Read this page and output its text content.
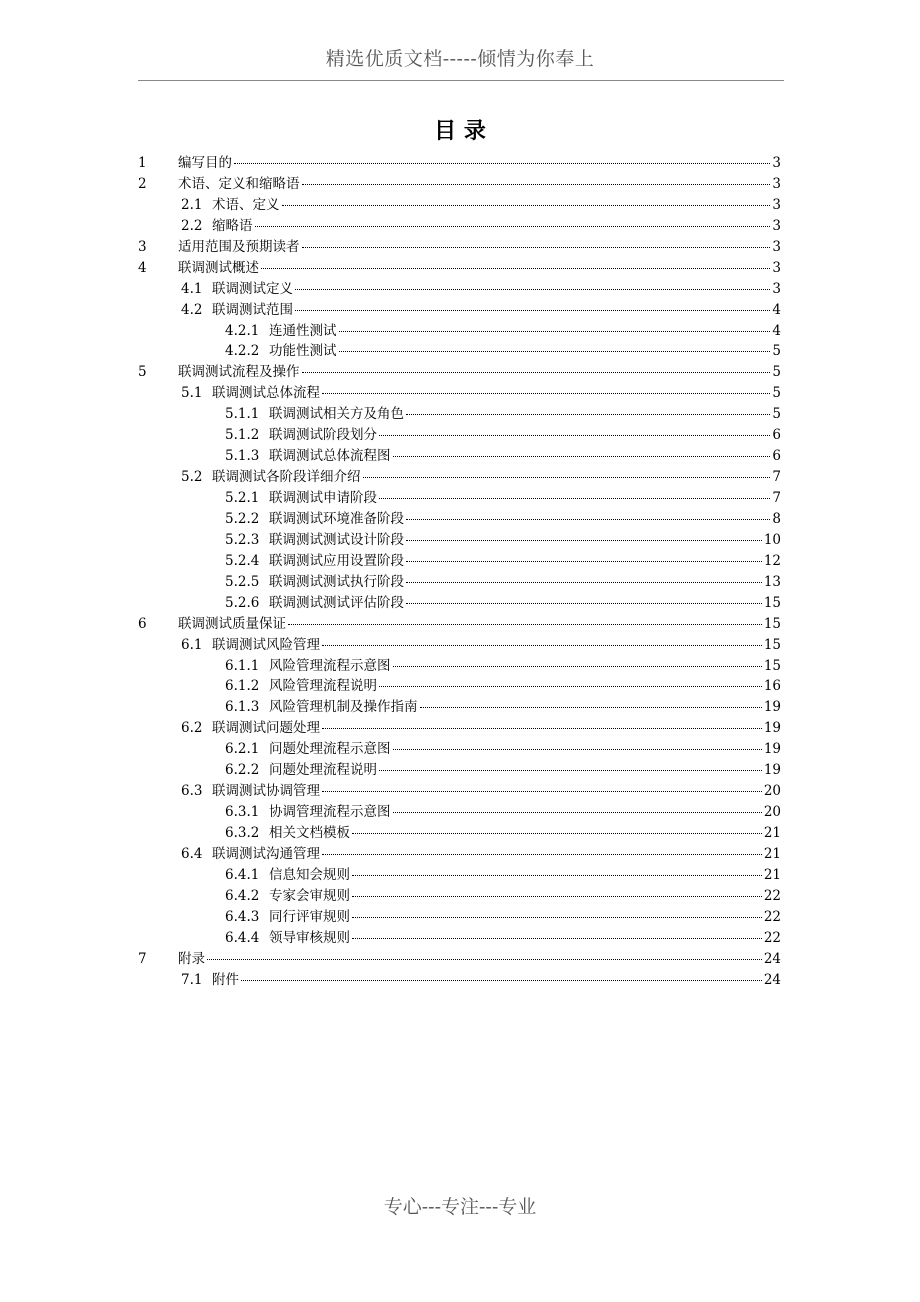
精选优质文档-----倾情为你奉上
目 录
1	编写目的	3
2	术语、定义和缩略语	3
2.1 术语、定义	3
2.2 缩略语	3
3	适用范围及预期读者	3
4	联调测试概述	3
4.1 联调测试定义	3
4.2 联调测试范围	4
4.2.1 连通性测试	4
4.2.2 功能性测试	5
5	联调测试流程及操作	5
5.1 联调测试总体流程	5
5.1.1 联调测试相关方及角色	5
5.1.2 联调测试阶段划分	6
5.1.3 联调测试总体流程图	6
5.2 联调测试各阶段详细介绍	7
5.2.1 联调测试申请阶段	7
5.2.2 联调测试环境准备阶段	8
5.2.3 联调测试测试设计阶段	10
5.2.4 联调测试应用设置阶段	12
5.2.5 联调测试测试执行阶段	13
5.2.6 联调测试测试评估阶段	15
6	联调测试质量保证	15
6.1 联调测试风险管理	15
6.1.1 风险管理流程示意图	15
6.1.2 风险管理流程说明	16
6.1.3 风险管理机制及操作指南	19
6.2 联调测试问题处理	19
6.2.1 问题处理流程示意图	19
6.2.2 问题处理流程说明	19
6.3 联调测试协调管理	20
6.3.1 协调管理流程示意图	20
6.3.2 相关文档模板	21
6.4 联调测试沟通管理	21
6.4.1 信息知会规则	21
6.4.2 专家会审规则	22
6.4.3 同行评审规则	22
6.4.4 领导审核规则	22
7	附录	24
7.1 附件	24
专心---专注---专业
